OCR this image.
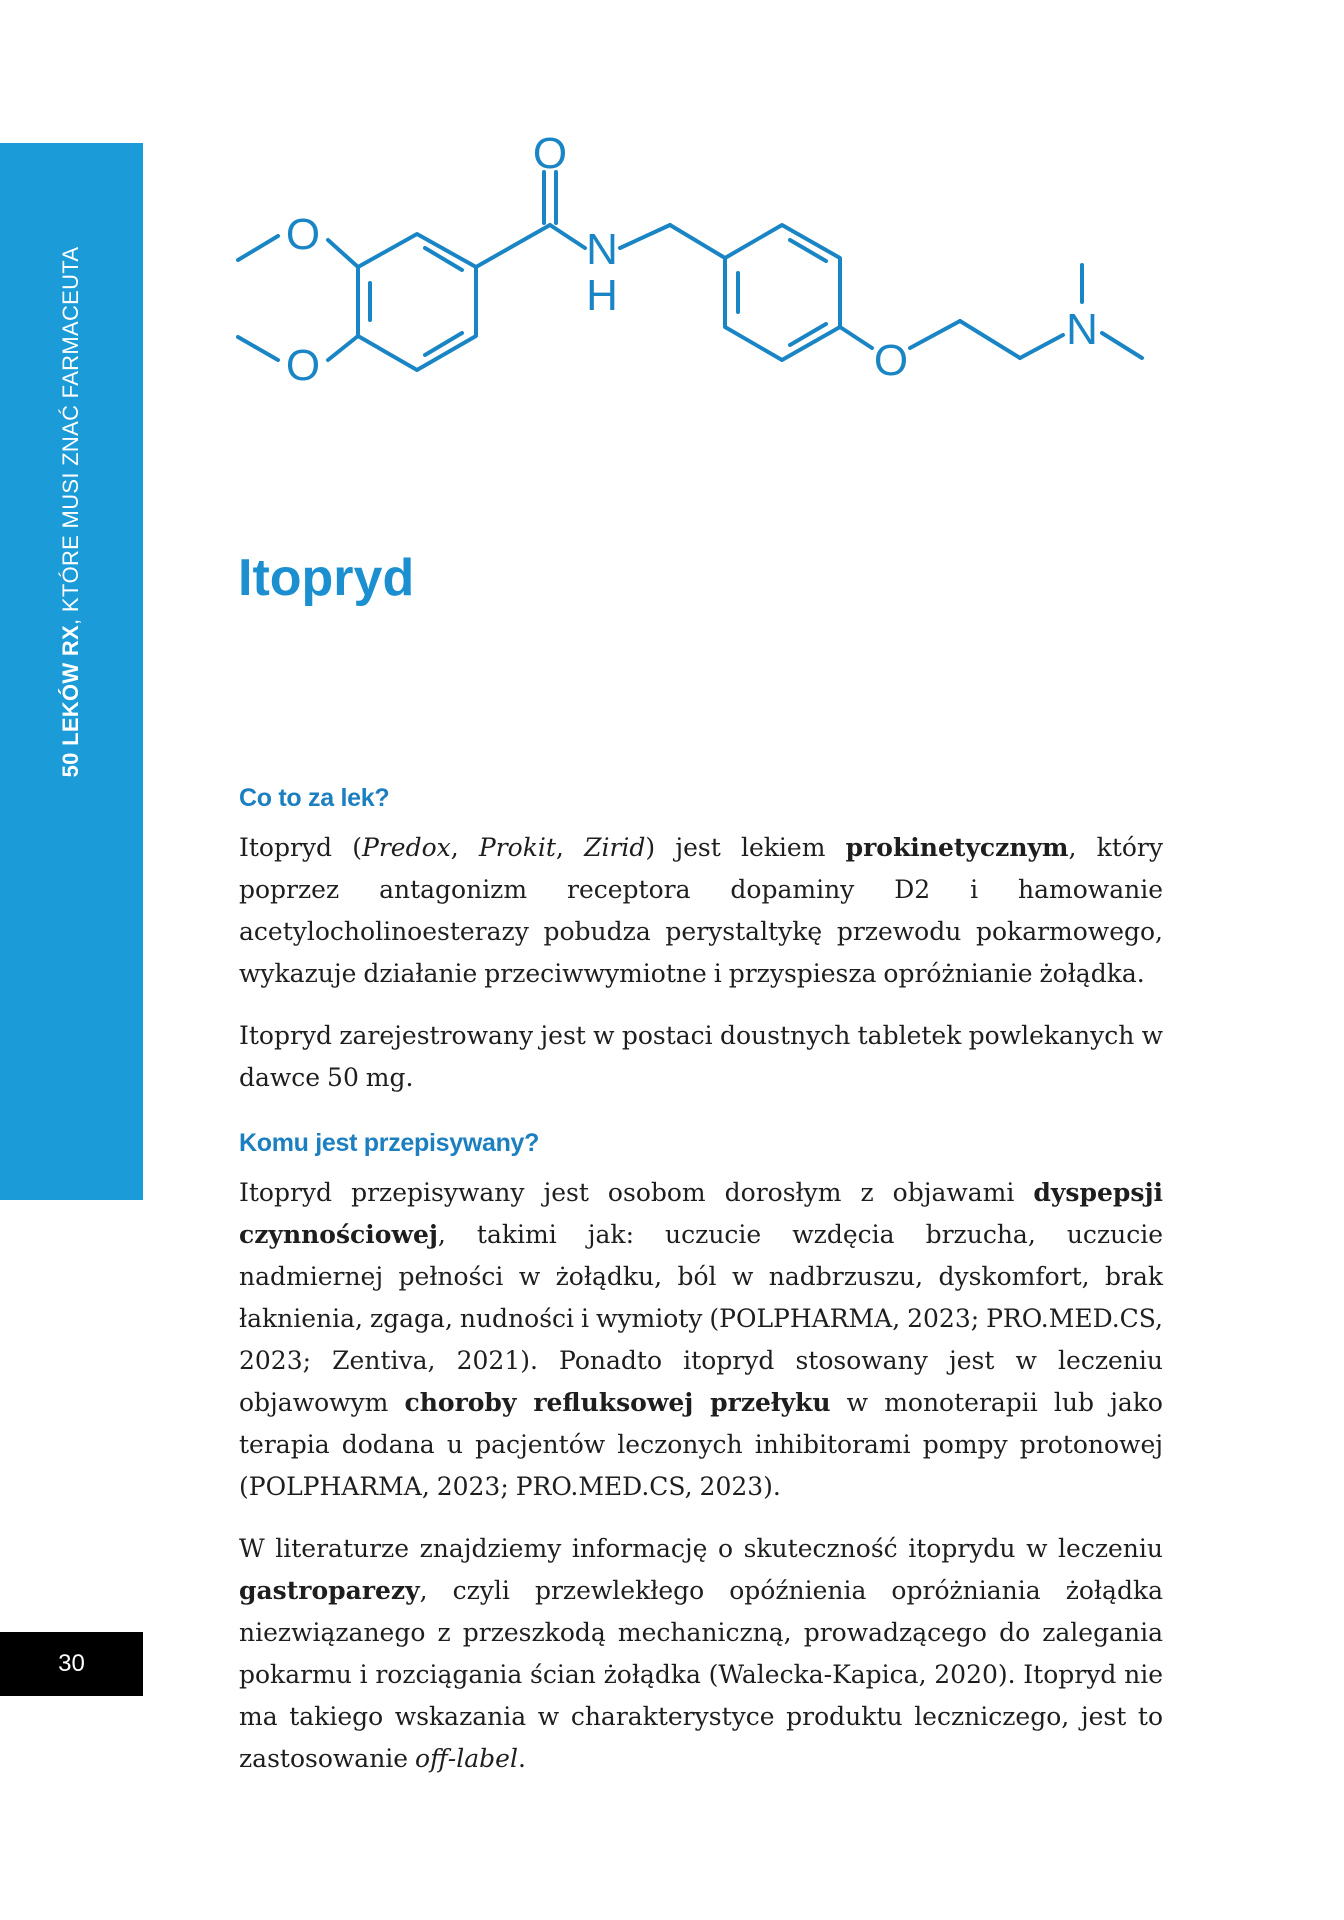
50 LEKÓW RX, KTÓRE MUSI ZNAĆ FARMACEUTA
30
O
O
O
N
H
O
N
Itopryd
Co to za lek?

Itopryd (Predox, Prokit, Zirid) jest lekiem prokinetycznym, który poprzez antagonizm receptora dopaminy D2 i hamowanie acetylocholinoesterazy pobudza perystaltykę przewodu pokarmowego, wykazuje działanie przeciwwymiotne i przyspiesza opróżnianie żołądka.

Itopryd zarejestrowany jest w postaci doustnych tabletek powlekanych w dawce 50 mg.

Komu jest przepisywany?

Itopryd przepisywany jest osobom dorosłym z objawami dyspepsji czynnościowej, takimi jak: uczucie wzdęcia brzucha, uczucie nadmiernej pełności w żołądku, ból w nadbrzuszu, dyskomfort, brak łaknienia, zgaga, nudności i wymioty (POLPHARMA, 2023; PRO.MED.CS, 2023; Zentiva, 2021). Ponadto itopryd stosowany jest w leczeniu objawowym choroby refluksowej przełyku w monoterapii lub jako terapia dodana u pacjentów leczonych inhibitorami pompy protonowej (POLPHARMA, 2023; PRO.MED.CS, 2023).

W literaturze znajdziemy informację o skuteczność itoprydu w leczeniu gastroparezy, czyli przewlekłego opóźnienia opróżniania żołądka niezwiązanego z przeszkodą mechaniczną, prowadzącego do zalegania pokarmu i rozciągania ścian żołądka (Walecka-Kapica, 2020). Itopryd nie ma takiego wskazania w charakterystyce produktu leczniczego, jest to zastosowanie off-label.
